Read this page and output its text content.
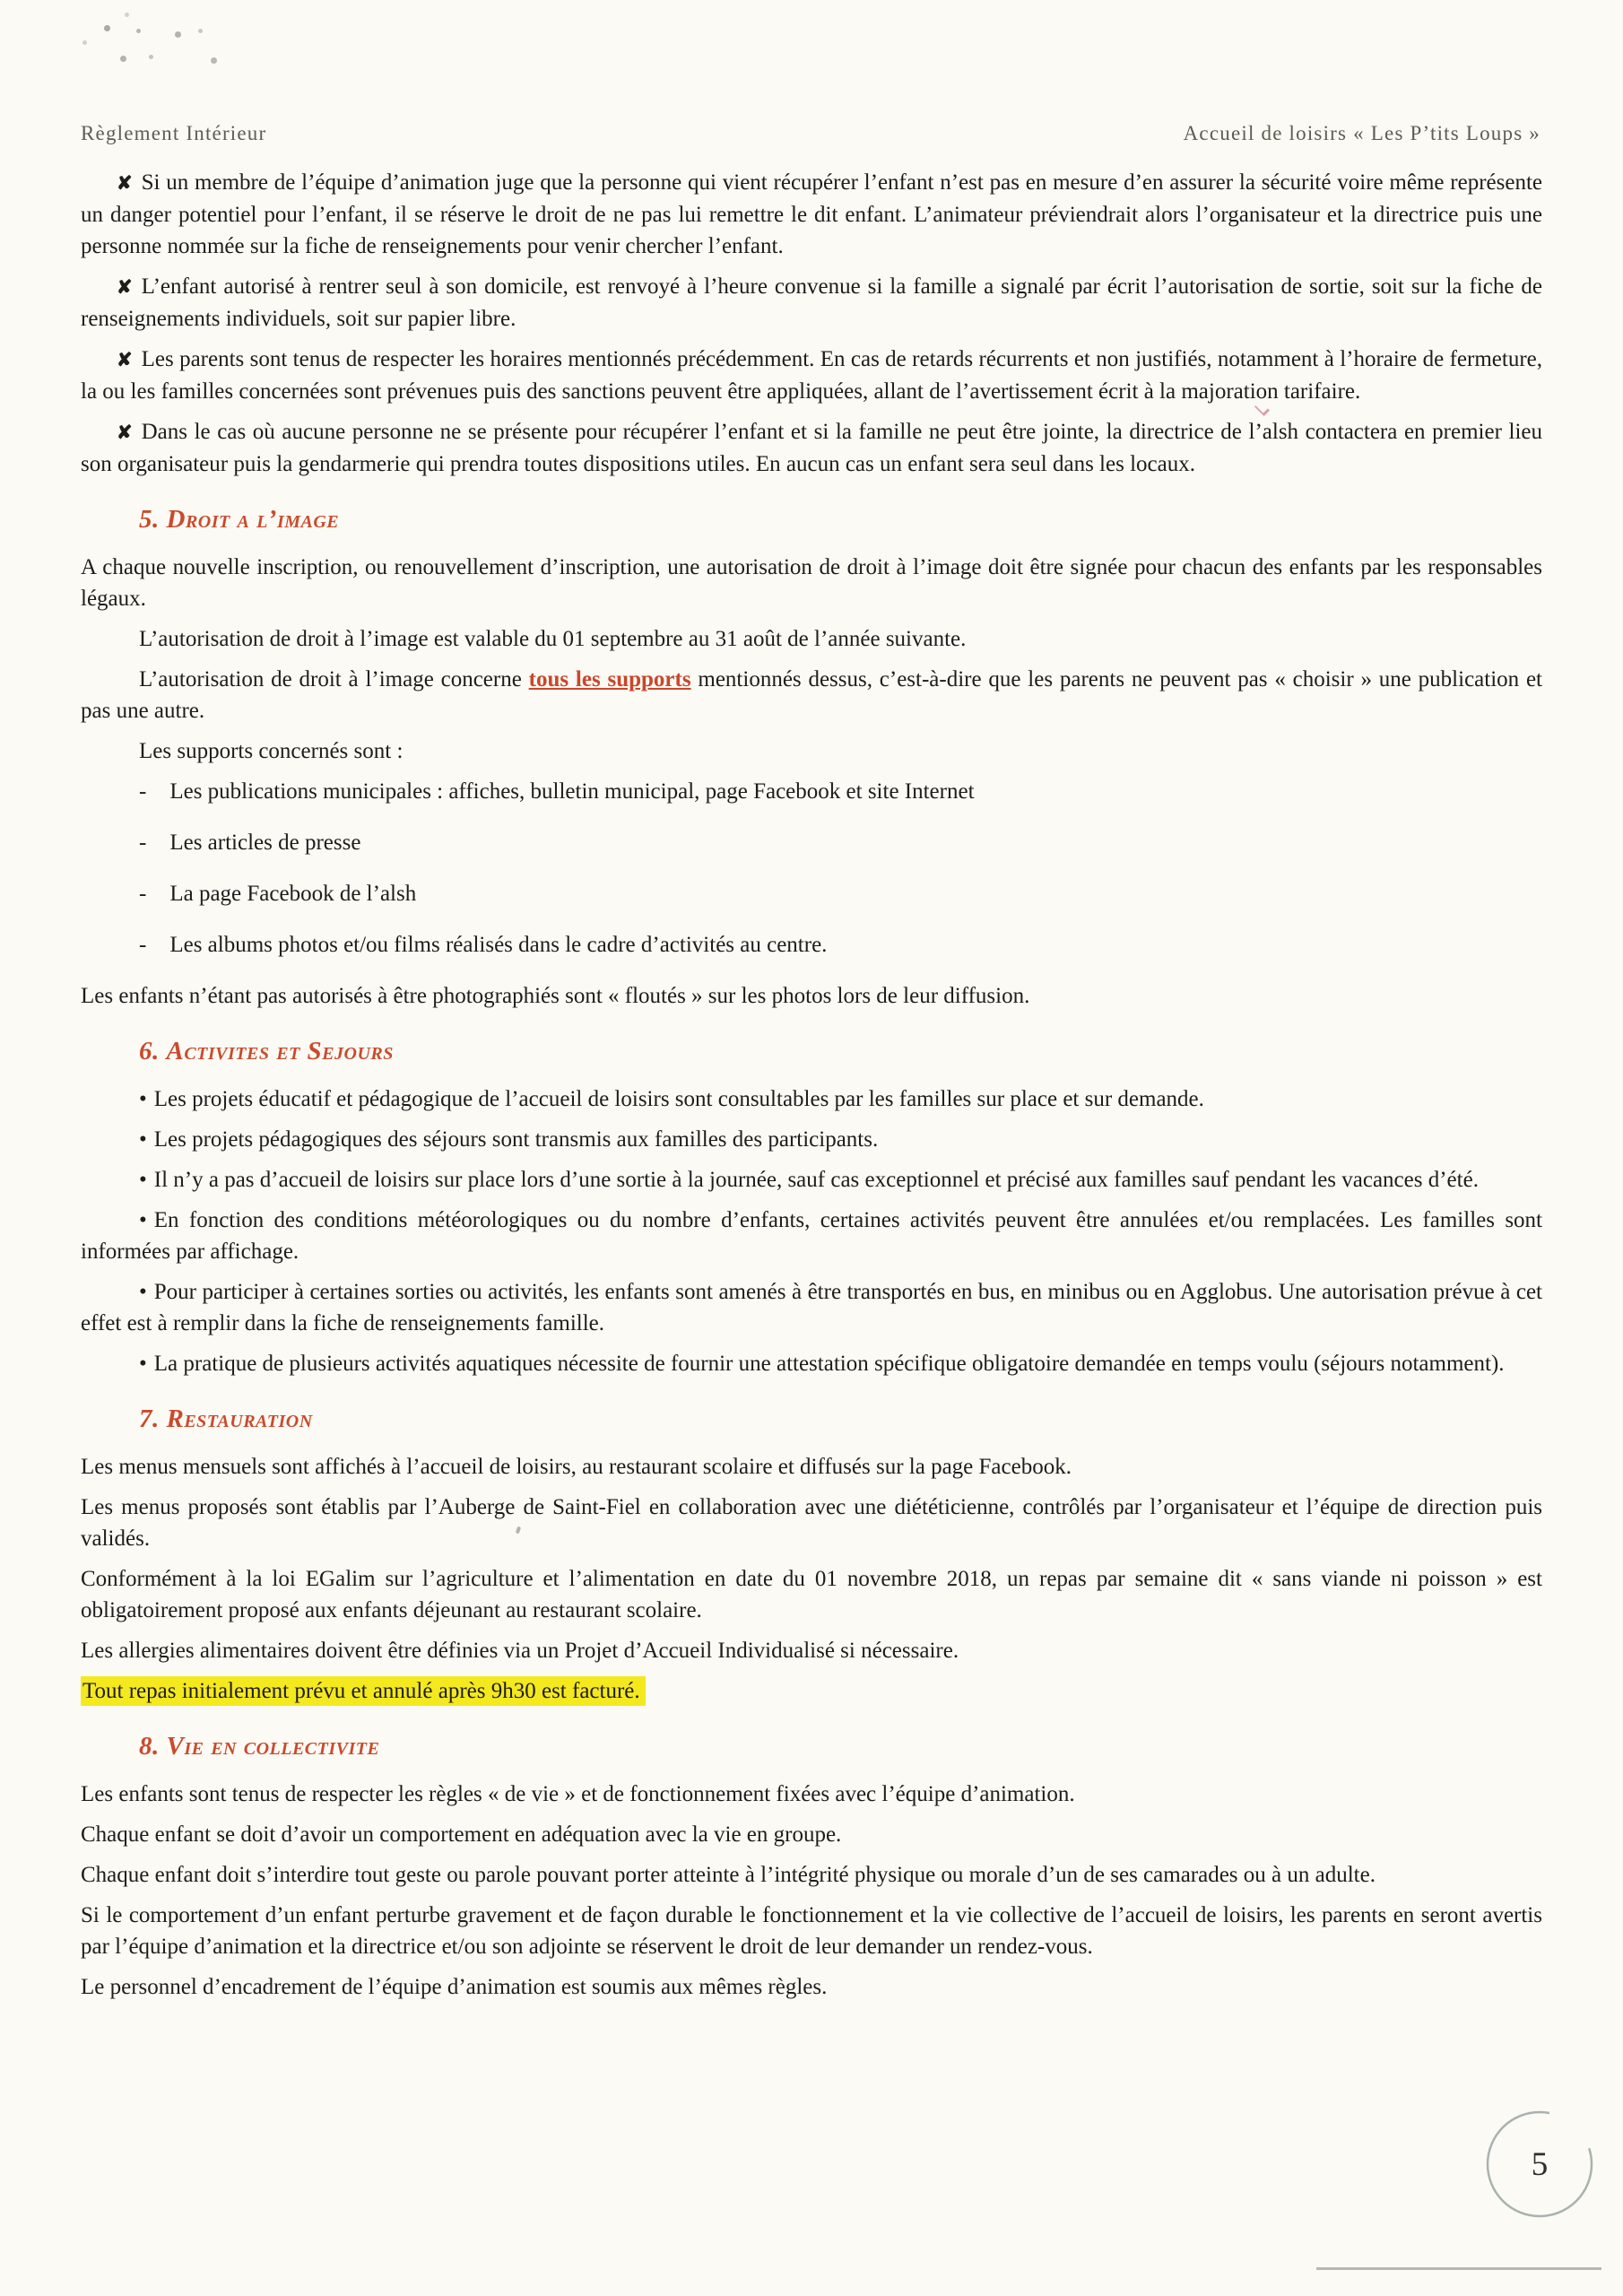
Règlement Intérieur	Accueil de loisirs « Les P’tits Loups »

✘ Si un membre de l’équipe d’animation juge que la personne qui vient récupérer l’enfant n’est pas en mesure d’en assurer la sécurité voire même représente un danger potentiel pour l’enfant, il se réserve le droit de ne pas lui remettre le dit enfant. L’animateur préviendrait alors l’organisateur et la directrice puis une personne nommée sur la fiche de renseignements pour venir chercher l’enfant.

✘ L’enfant autorisé à rentrer seul à son domicile, est renvoyé à l’heure convenue si la famille a signalé par écrit l’autorisation de sortie, soit sur la fiche de renseignements individuels, soit sur papier libre.

✘ Les parents sont tenus de respecter les horaires mentionnés précédemment. En cas de retards récurrents et non justifiés, notamment à l’horaire de fermeture, la ou les familles concernées sont prévenues puis des sanctions peuvent être appliquées, allant de l’avertissement écrit à la majoration tarifaire.

✘ Dans le cas où aucune personne ne se présente pour récupérer l’enfant et si la famille ne peut être jointe, la directrice de l’alsh contactera en premier lieu son organisateur puis la gendarmerie qui prendra toutes dispositions utiles. En aucun cas un enfant sera seul dans les locaux.

5. Droit a l’image

A chaque nouvelle inscription, ou renouvellement d’inscription, une autorisation de droit à l’image doit être signée pour chacun des enfants par les responsables légaux.

L’autorisation de droit à l’image est valable du 01 septembre au 31 août de l’année suivante.

L’autorisation de droit à l’image concerne tous les supports mentionnés dessus, c’est-à-dire que les parents ne peuvent pas « choisir » une publication et pas une autre.

Les supports concernés sont :

- Les publications municipales : affiches, bulletin municipal, page Facebook et site Internet

- Les articles de presse

- La page Facebook de l’alsh

- Les albums photos et/ou films réalisés dans le cadre d’activités au centre.

Les enfants n’étant pas autorisés à être photographiés sont « floutés » sur les photos lors de leur diffusion.

6. Activites et Sejours

• Les projets éducatif et pédagogique de l’accueil de loisirs sont consultables par les familles sur place et sur demande.

• Les projets pédagogiques des séjours sont transmis aux familles des participants.

• Il n’y a pas d’accueil de loisirs sur place lors d’une sortie à la journée, sauf cas exceptionnel et précisé aux familles sauf pendant les vacances d’été.

• En fonction des conditions météorologiques ou du nombre d’enfants, certaines activités peuvent être annulées et/ou remplacées. Les familles sont informées par affichage.

• Pour participer à certaines sorties ou activités, les enfants sont amenés à être transportés en bus, en minibus ou en Agglobus. Une autorisation prévue à cet effet est à remplir dans la fiche de renseignements famille.

• La pratique de plusieurs activités aquatiques nécessite de fournir une attestation spécifique obligatoire demandée en temps voulu (séjours notamment).

7. Restauration

Les menus mensuels sont affichés à l’accueil de loisirs, au restaurant scolaire et diffusés sur la page Facebook.

Les menus proposés sont établis par l’Auberge de Saint-Fiel en collaboration avec une diététicienne, contrôlés par l’organisateur et l’équipe de direction puis validés.

Conformément à la loi EGalim sur l’agriculture et l’alimentation en date du 01 novembre 2018, un repas par semaine dit « sans viande ni poisson » est obligatoirement proposé aux enfants déjeunant au restaurant scolaire.

Les allergies alimentaires doivent être définies via un Projet d’Accueil Individualisé si nécessaire.

Tout repas initialement prévu et annulé après 9h30 est facturé.

8. Vie en collectivite

Les enfants sont tenus de respecter les règles « de vie » et de fonctionnement fixées avec l’équipe d’animation.

Chaque enfant se doit d’avoir un comportement en adéquation avec la vie en groupe.

Chaque enfant doit s’interdire tout geste ou parole pouvant porter atteinte à l’intégrité physique ou morale d’un de ses camarades ou à un adulte.

Si le comportement d’un enfant perturbe gravement et de façon durable le fonctionnement et la vie collective de l’accueil de loisirs, les parents en seront avertis par l’équipe d’animation et la directrice et/ou son adjointe se réservent le droit de leur demander un rendez-vous.

Le personnel d’encadrement de l’équipe d’animation est soumis aux mêmes règles.

5
